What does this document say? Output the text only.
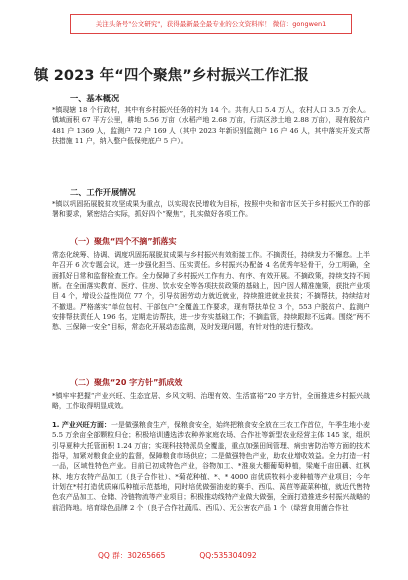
关注头条号"公文研究"，获得最新最全最专业的公文资料库！ 微信：gongwen1
镇 2023 年“四个聚焦”乡村振兴工作汇报
一、基本概况
*镇现辖 18 个行政村，其中有乡村振兴任务的村为 14 个。共有人口 5.4 万人，农村人口 3.5 万余人。镇域面积 67 平方公里，耕地 5.56 万亩（水稻产地 2.68 万亩，行洪区涉土地 2.88 万亩），现有脱贫户 481 户 1369 人，监测户 72 户 169 人（其中 2023 年新识别监测户 16 户 46 人，其中落实开发式帮扶措施 11 户，纳入整户低保兜底户 5 户）。
二、工作开展情况
*镇以巩固拓展脱贫攻坚成果为重点，以实现农民增收为目标，按照中央和省市区关于乡村振兴工作的部署和要求，紧密结合实际，抓好四个“聚焦”，扎实做好各项工作。
（一）聚焦“四个不摘”抓落实
常态化统筹、协调、调度巩固拓展脱贫成果与乡村振兴有效衔接工作。不摘责任，持续发力不懈怠。上半年召开 6 次专题会议，进一步强化担当、压实责任。乡村振兴办配备 4 名优秀年轻骨干，分工明确，全面抓好日常和监督检查工作。全力保障了乡村振兴工作有力、有序、有效开展。不摘政策，持续支持不间断。在全面落实教育、医疗、住房、饮水安全等各项扶贫政策的基础上，因户因人精准施策，获批产业项目 4 个，增设公益性岗位 77 个，引导贫困劳动力就近就业，持续推进就业扶贫；不摘帮扶，持续结对不撤退。严格落实“单位包村、干部包户”全覆盖工作要求，现有帮扶单位 3 个，553 户脱贫户、监测户安排帮扶责任人 196 名，定期走访帮扶，进一步夯实基础工作；不摘监管，持续跟踪不远离。围绕“两不愁、三保障一安全”目标，常态化开展动态监测，及时发现问题，有针对性的进行整改。
（二）聚焦“20 字方针”抓成效
*镇牢牢把握“产业兴旺、生态宜居、乡风文明、治理有效、生活富裕”20 字方针，全面推进乡村振兴战略，工作取得明显成效。
1. 产业兴旺方面：一是做强粮食生产，保粮食安全，始终把粮食安全放在三农工作首位，午季生地小麦 5.5 万余亩全部颗粒归仓；积极培训遴选涉农种养家庭农场、合作社等新型农业经营主体 145 家，组织引导夏种大托管面积 1.24 万亩；实现科技特派员全覆盖，重点加强田间管理、病虫害防治等方面的技术指导，加紧对粮食企业的监督，保障粮食市场供应；二是做强特色产业，助农业增收效益。全力打造一村一品，区域性特色产业。目前已初成特色产业，谷物加工、*淮泉大棚葡萄种植，梁庵千亩田藕、红枫林、地方农特产品加工（良子合作社）、*菊花种植、*、* 4000 亩优质牧料小麦种植等产业项目；今年计划在*村打造优质麻瓜种植示范基地，同时培优做强油麦的赛手、西瓜、莴苣等蔬菜种植，就近代售特色农产品加工、仓储、冷链物流等产业项目；积极推动线特产业做大做强，全面打造推进乡村振兴战略的前沿阵地。培育绿色品牌 2 个（良子合作社蔬瓜、西瓜）、无公害农产品 1 个（绿营食用菌合作社
QQ 群：30265665	QQ:535304092
